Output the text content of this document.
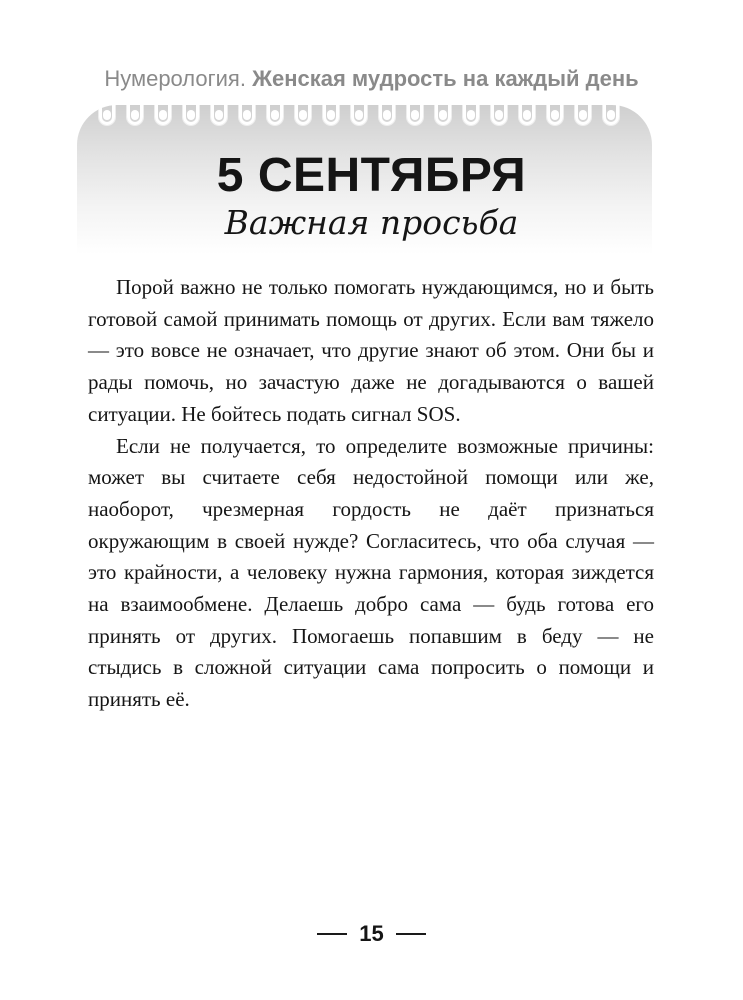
Нумерология. Женская мудрость на каждый день
5 СЕНТЯБРЯ
Важная просьба

Порой важно не только помогать нуждающимся, но и быть готовой самой принимать помощь от других. Если вам тяжело — это вовсе не означает, что другие знают об этом. Они бы и рады помочь, но зачастую даже не догадываются о вашей ситуации. Не бойтесь подать сигнал SOS.

Если не получается, то определите возможные причины: может вы считаете себя недостойной помощи или же, наоборот, чрезмерная гордость не даёт признаться окружающим в своей нужде? Согласитесь, что оба случая — это крайности, а человеку нужна гармония, которая зиждется на взаимообмене. Делаешь добро сама — будь готова его принять от других. Помогаешь попавшим в беду — не стыдись в сложной ситуации сама попросить о помощи и принять её.

15
